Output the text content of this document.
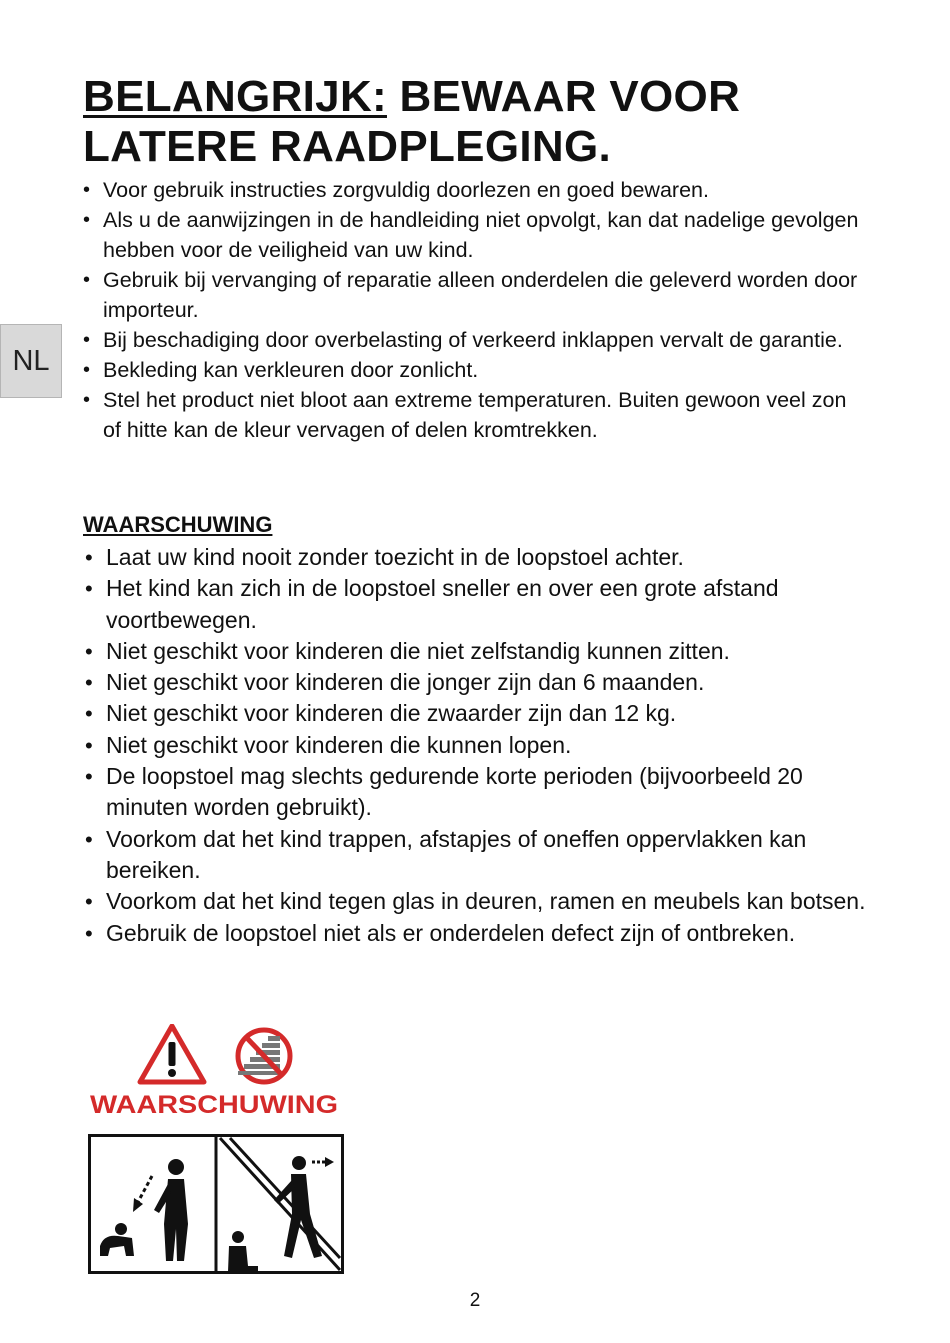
NL
BELANGRIJK: BEWAAR VOOR LATERE RAADPLEGING.
• Voor gebruik instructies zorgvuldig doorlezen en goed bewaren.
• Als u de aanwijzingen in de handleiding niet opvolgt, kan dat nadelige gevolgen hebben voor de veiligheid van uw kind.
• Gebruik bij vervanging of reparatie alleen onderdelen die geleverd worden door importeur.
• Bij beschadiging door overbelasting of verkeerd inklappen vervalt de garantie.
• Bekleding kan verkleuren door zonlicht.
• Stel het product niet bloot aan extreme temperaturen. Buiten gewoon veel zon of hitte kan de kleur vervagen of delen kromtrekken.
WAARSCHUWING
• Laat uw kind nooit zonder toezicht in de loopstoel achter.
• Het kind kan zich in de loopstoel sneller en over een grote afstand voortbewegen.
• Niet geschikt voor kinderen die niet zelfstandig kunnen zitten.
• Niet geschikt voor kinderen die jonger zijn dan 6 maanden.
• Niet geschikt voor kinderen die zwaarder zijn dan 12 kg.
• Niet geschikt voor kinderen die kunnen lopen.
• De loopstoel mag slechts gedurende korte perioden (bijvoorbeeld 20 minuten worden gebruikt).
• Voorkom dat het kind trappen, afstapjes of oneffen oppervlakken kan bereiken.
• Voorkom dat het kind tegen glas in deuren, ramen en meubels kan botsen.
• Gebruik de loopstoel niet als er onderdelen defect zijn of ontbreken.
WAARSCHUWING
2
